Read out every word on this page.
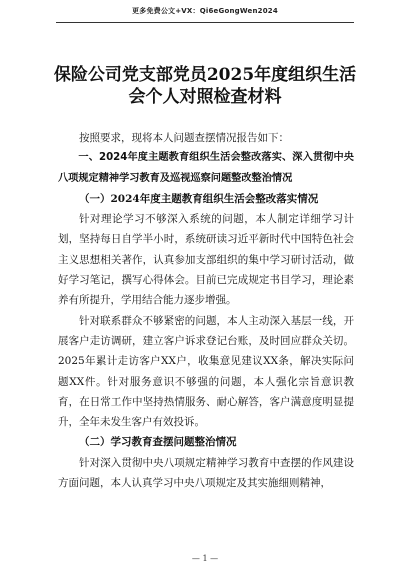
更多免费公文+VX：Qi6eGongWen2024
保险公司党支部党员2025年度组织生活
会个人对照检查材料

按照要求，现将本人问题查摆情况报告如下：

一、2024年度主题教育组织生活会整改落实、深入贯彻中央八项规定精神学习教育及巡视巡察问题整改整治情况

（一）2024年度主题教育组织生活会整改落实情况

针对理论学习不够深入系统的问题，本人制定详细学习计划，坚持每日自学半小时，系统研读习近平新时代中国特色社会主义思想相关著作，认真参加支部组织的集中学习研讨活动，做好学习笔记，撰写心得体会。目前已完成规定书目学习，理论素养有所提升，学用结合能力逐步增强。

针对联系群众不够紧密的问题，本人主动深入基层一线，开展客户走访调研，建立客户诉求登记台账，及时回应群众关切。2025年累计走访客户XX户，收集意见建议XX条，解决实际问题XX件。针对服务意识不够强的问题，本人强化宗旨意识教育，在日常工作中坚持热情服务、耐心解答，客户满意度明显提升，全年未发生客户有效投诉。

（二）学习教育查摆问题整治情况

针对深入贯彻中央八项规定精神学习教育中查摆的作风建设方面问题，本人认真学习中央八项规定及其实施细则精神，

— 1 —
